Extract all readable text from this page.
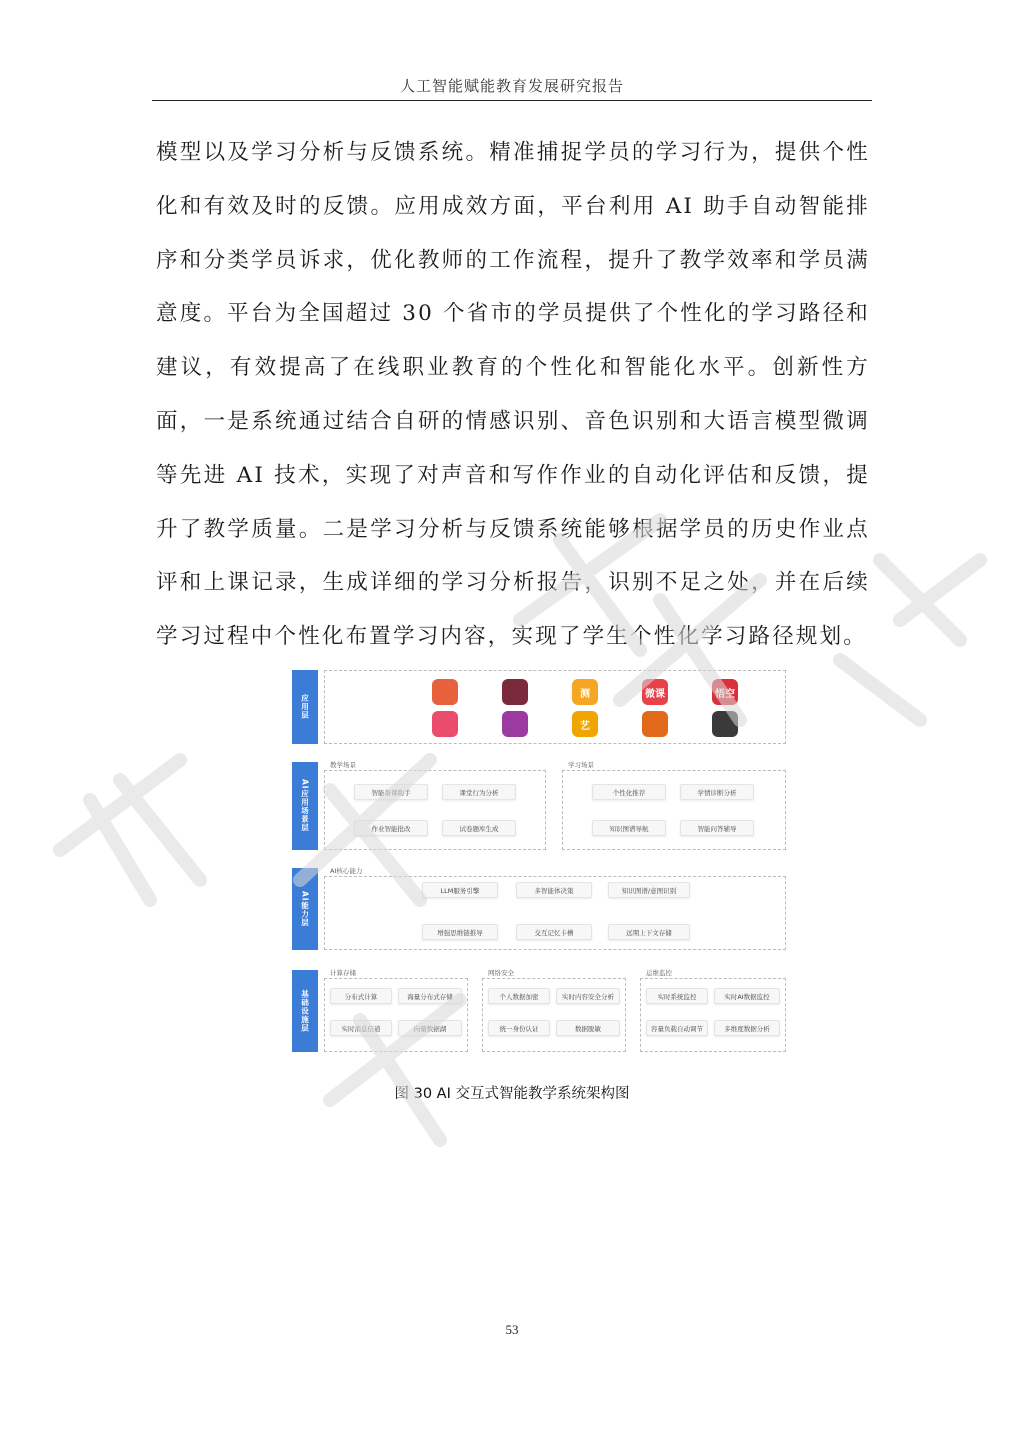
人工智能赋能教育发展研究报告

模型以及学习分析与反馈系统。精准捕捉学员的学习行为，提供个性化和有效及时的反馈。应用成效方面，平台利用 AI 助手自动智能排序和分类学员诉求，优化教师的工作流程，提升了教学效率和学员满意度。平台为全国超过 30 个省市的学员提供了个性化的学习路径和建议，有效提高了在线职业教育的个性化和智能化水平。创新性方面，一是系统通过结合自研的情感识别、音色识别和大语言模型微调等先进 AI 技术，实现了对声音和写作作业的自动化评估和反馈，提升了教学质量。二是学习分析与反馈系统能够根据学员的历史作业点评和上课记录，生成详细的学习分析报告，识别不足之处，并在后续学习过程中个性化布置学习内容，实现了学生个性化学习路径规划。

应用层
测	微课	悟空
艺
AI应用场景层
教学场景	学习场景
智能备课助手	课堂行为分析
作业智能批改	试卷题库生成
个性化推荐	学情诊断分析
知识图谱导航	智能问答辅导
AI能力层
AI核心能力
LLM服务引擎	多智能体决策	知识图谱/意图识别
增强思维链推导	交互记忆卡槽	远期上下文存储
基础设施层
计算存储
分布式计算	海量分布式存储
实时消息信道	向量数据湖
网络安全
个人数据加密	实时内容安全分析
统一身份认证	数据脱敏
运维监控
实时系统监控	实时AI数据监控
容量负载自动调节	多维度数据分析
图 30 AI 交互式智能教学系统架构图
53
